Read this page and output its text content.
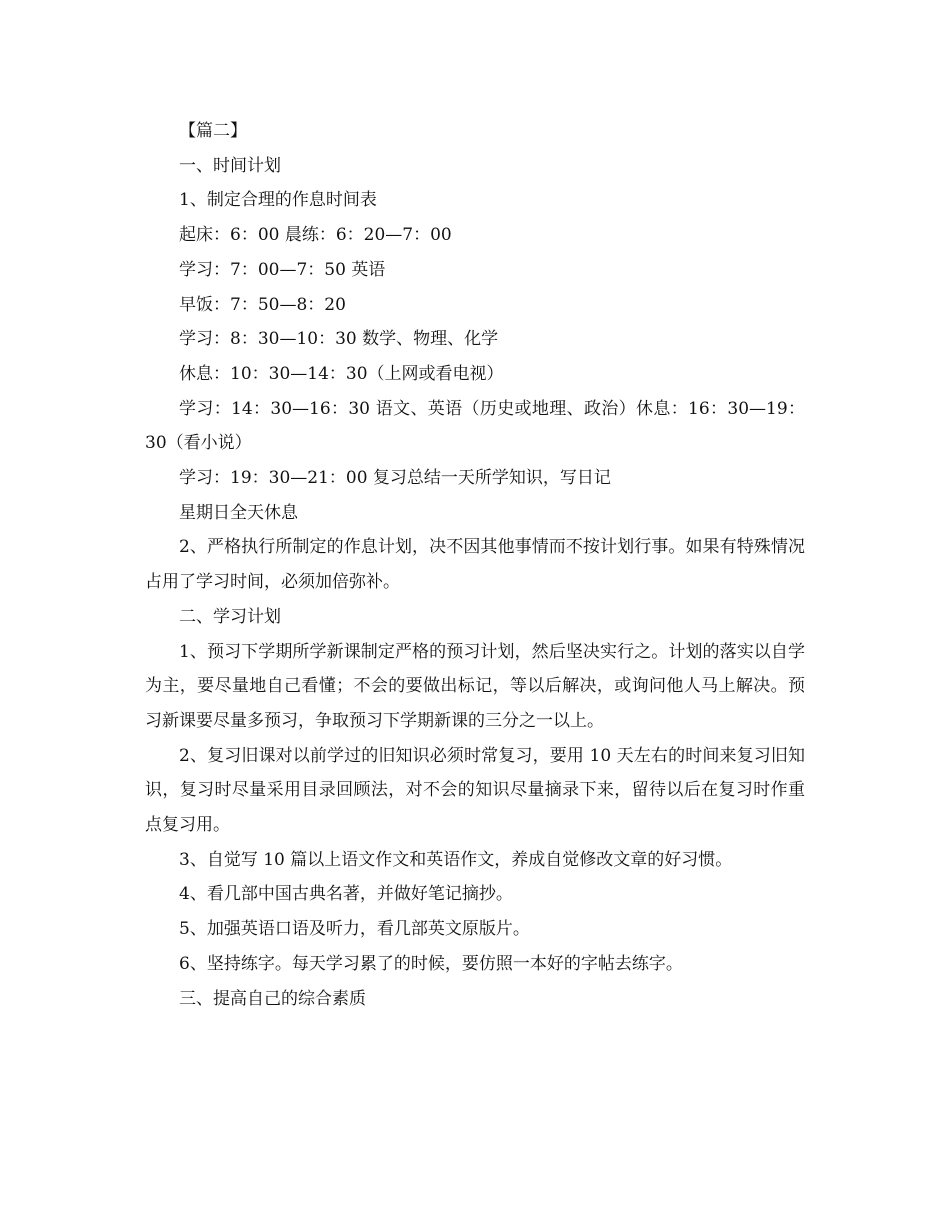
【篇二】

一、时间计划

1、制定合理的作息时间表

起床：6：00 晨练：6：20—7：00

学习：7：00—7：50 英语

早饭：7：50—8：20

学习：8：30—10：30 数学、物理、化学

休息：10：30—14：30（上网或看电视）

学习：14：30—16：30 语文、英语（历史或地理、政治）休息：16：30—19：30（看小说）

学习：19：30—21：00 复习总结一天所学知识，写日记

星期日全天休息

2、严格执行所制定的作息计划，决不因其他事情而不按计划行事。如果有特殊情况占用了学习时间，必须加倍弥补。

二、学习计划

1、预习下学期所学新课制定严格的预习计划，然后坚决实行之。计划的落实以自学为主，要尽量地自己看懂；不会的要做出标记，等以后解决，或询问他人马上解决。预习新课要尽量多预习，争取预习下学期新课的三分之一以上。

2、复习旧课对以前学过的旧知识必须时常复习，要用 10 天左右的时间来复习旧知识，复习时尽量采用目录回顾法，对不会的知识尽量摘录下来，留待以后在复习时作重点复习用。

3、自觉写 10 篇以上语文作文和英语作文，养成自觉修改文章的好习惯。

4、看几部中国古典名著，并做好笔记摘抄。

5、加强英语口语及听力，看几部英文原版片。

6、坚持练字。每天学习累了的时候，要仿照一本好的字帖去练字。

三、提高自己的综合素质
